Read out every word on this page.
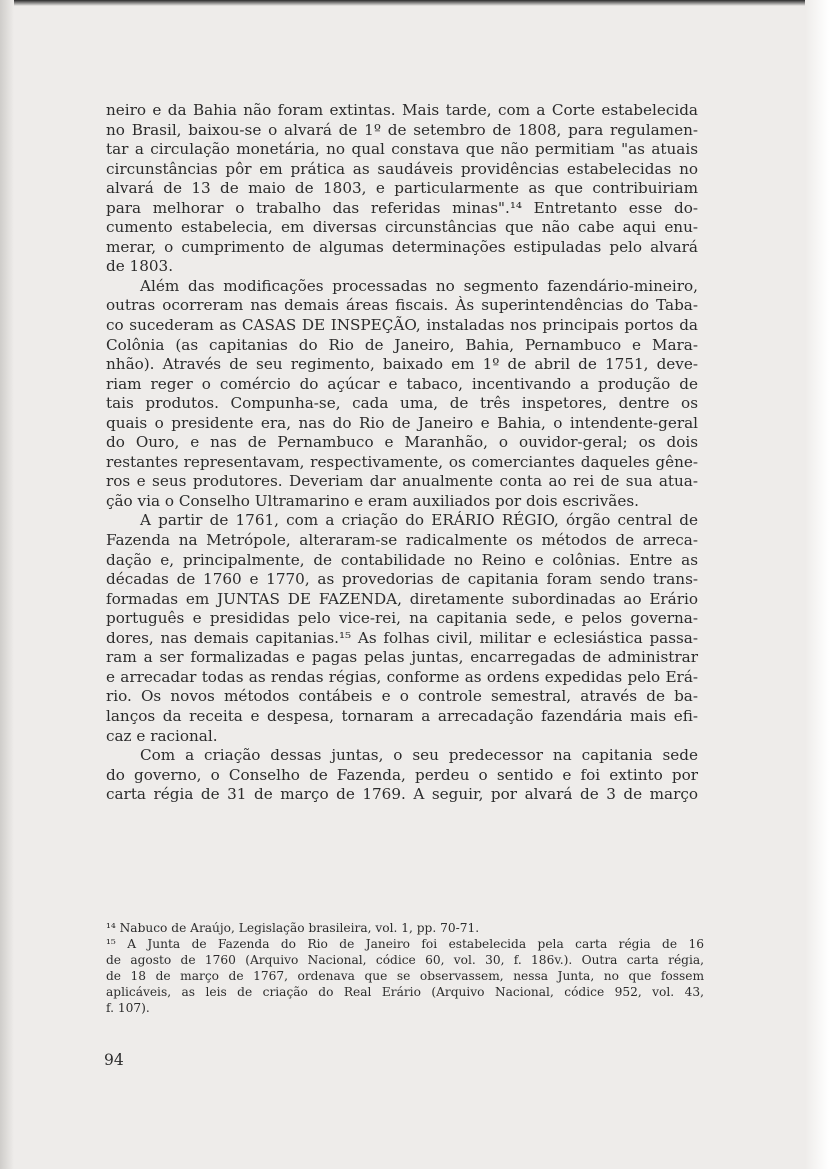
neiro e da Bahia não foram extintas. Mais tarde, com a Corte estabelecida

no Brasil, baixou-se o alvará de 1º de setembro de 1808, para regulamen-

tar a circulação monetária, no qual constava que não permitiam "as atuais

circunstâncias pôr em prática as saudáveis providências estabelecidas no

alvará de 13 de maio de 1803, e particularmente as que contribuiriam

para melhorar o trabalho das referidas minas".¹⁴ Entretanto esse do-

cumento estabelecia, em diversas circunstâncias que não cabe aqui enu-

merar, o cumprimento de algumas determinações estipuladas pelo alvará

de 1803.

Além das modificações processadas no segmento fazendário-mineiro,

outras ocorreram nas demais áreas fiscais. Às superintendências do Taba-

co sucederam as CASAS DE INSPEÇÃO, instaladas nos principais portos da

Colônia (as capitanias do Rio de Janeiro, Bahia, Pernambuco e Mara-

nhão). Através de seu regimento, baixado em 1º de abril de 1751, deve-

riam reger o comércio do açúcar e tabaco, incentivando a produção de

tais produtos. Compunha-se, cada uma, de três inspetores, dentre os

quais o presidente era, nas do Rio de Janeiro e Bahia, o intendente-geral

do Ouro, e nas de Pernambuco e Maranhão, o ouvidor-geral; os dois

restantes representavam, respectivamente, os comerciantes daqueles gêne-

ros e seus produtores. Deveriam dar anualmente conta ao rei de sua atua-

ção via o Conselho Ultramarino e eram auxiliados por dois escrivães.

A partir de 1761, com a criação do ERÁRIO RÉGIO, órgão central de

Fazenda na Metrópole, alteraram-se radicalmente os métodos de arreca-

dação e, principalmente, de contabilidade no Reino e colônias. Entre as

décadas de 1760 e 1770, as provedorias de capitania foram sendo trans-

formadas em JUNTAS DE FAZENDA, diretamente subordinadas ao Erário

português e presididas pelo vice-rei, na capitania sede, e pelos governa-

dores, nas demais capitanias.¹⁵ As folhas civil, militar e eclesiástica passa-

ram a ser formalizadas e pagas pelas juntas, encarregadas de administrar

e arrecadar todas as rendas régias, conforme as ordens expedidas pelo Erá-

rio. Os novos métodos contábeis e o controle semestral, através de ba-

lanços da receita e despesa, tornaram a arrecadação fazendária mais efi-

caz e racional.

Com a criação dessas juntas, o seu predecessor na capitania sede

do governo, o Conselho de Fazenda, perdeu o sentido e foi extinto por

carta régia de 31 de março de 1769. A seguir, por alvará de 3 de março

¹⁴ Nabuco de Araújo, Legislação brasileira, vol. 1, pp. 70-71.

¹⁵ A Junta de Fazenda do Rio de Janeiro foi estabelecida pela carta régia de 16

de agosto de 1760 (Arquivo Nacional, códice 60, vol. 30, f. 186v.). Outra carta régia,

de 18 de março de 1767, ordenava que se observassem, nessa Junta, no que fossem

aplicáveis, as leis de criação do Real Erário (Arquivo Nacional, códice 952, vol. 43,

f. 107).

94
